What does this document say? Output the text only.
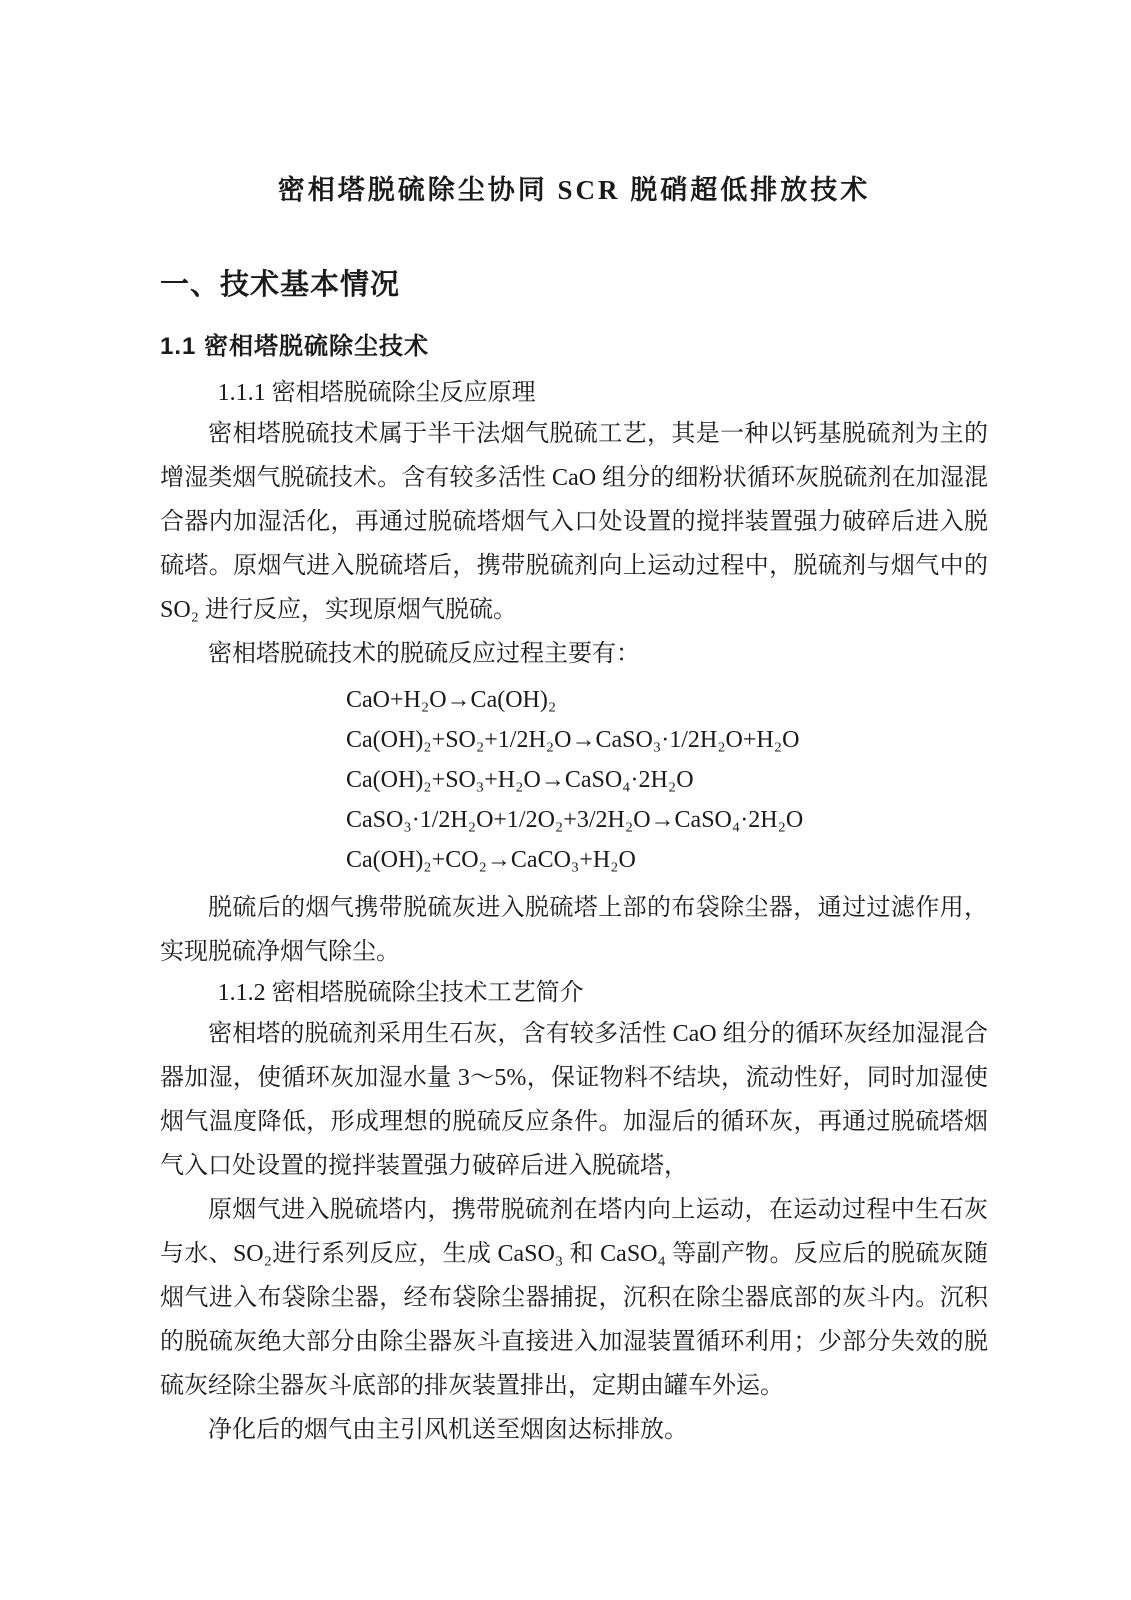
密相塔脱硫除尘协同 SCR 脱硝超低排放技术
一、技术基本情况
1.1 密相塔脱硫除尘技术
1.1.1 密相塔脱硫除尘反应原理

密相塔脱硫技术属于半干法烟气脱硫工艺，其是一种以钙基脱硫剂为主的增湿类烟气脱硫技术。含有较多活性 CaO 组分的细粉状循环灰脱硫剂在加湿混合器内加湿活化，再通过脱硫塔烟气入口处设置的搅拌装置强力破碎后进入脱硫塔。原烟气进入脱硫塔后，携带脱硫剂向上运动过程中，脱硫剂与烟气中的 SO₂ 进行反应，实现原烟气脱硫。

密相塔脱硫技术的脱硫反应过程主要有：

CaO+H₂O→Ca(OH)₂
Ca(OH)₂+SO₂+1/2H₂O→CaSO₃·1/2H₂O+H₂O
Ca(OH)₂+SO₃+H₂O→CaSO₄·2H₂O
CaSO₃·1/2H₂O+1/2O₂+3/2H₂O→CaSO₄·2H₂O
Ca(OH)₂+CO₂→CaCO₃+H₂O

脱硫后的烟气携带脱硫灰进入脱硫塔上部的布袋除尘器，通过过滤作用，实现脱硫净烟气除尘。

1.1.2 密相塔脱硫除尘技术工艺简介

密相塔的脱硫剂采用生石灰，含有较多活性 CaO 组分的循环灰经加湿混合器加湿，使循环灰加湿水量 3～5%，保证物料不结块，流动性好，同时加湿使烟气温度降低，形成理想的脱硫反应条件。加湿后的循环灰，再通过脱硫塔烟气入口处设置的搅拌装置强力破碎后进入脱硫塔，

原烟气进入脱硫塔内，携带脱硫剂在塔内向上运动，在运动过程中生石灰与水、SO₂进行系列反应，生成 CaSO₃ 和 CaSO₄ 等副产物。反应后的脱硫灰随烟气进入布袋除尘器，经布袋除尘器捕捉，沉积在除尘器底部的灰斗内。沉积的脱硫灰绝大部分由除尘器灰斗直接进入加湿装置循环利用；少部分失效的脱硫灰经除尘器灰斗底部的排灰装置排出，定期由罐车外运。

净化后的烟气由主引风机送至烟囱达标排放。
